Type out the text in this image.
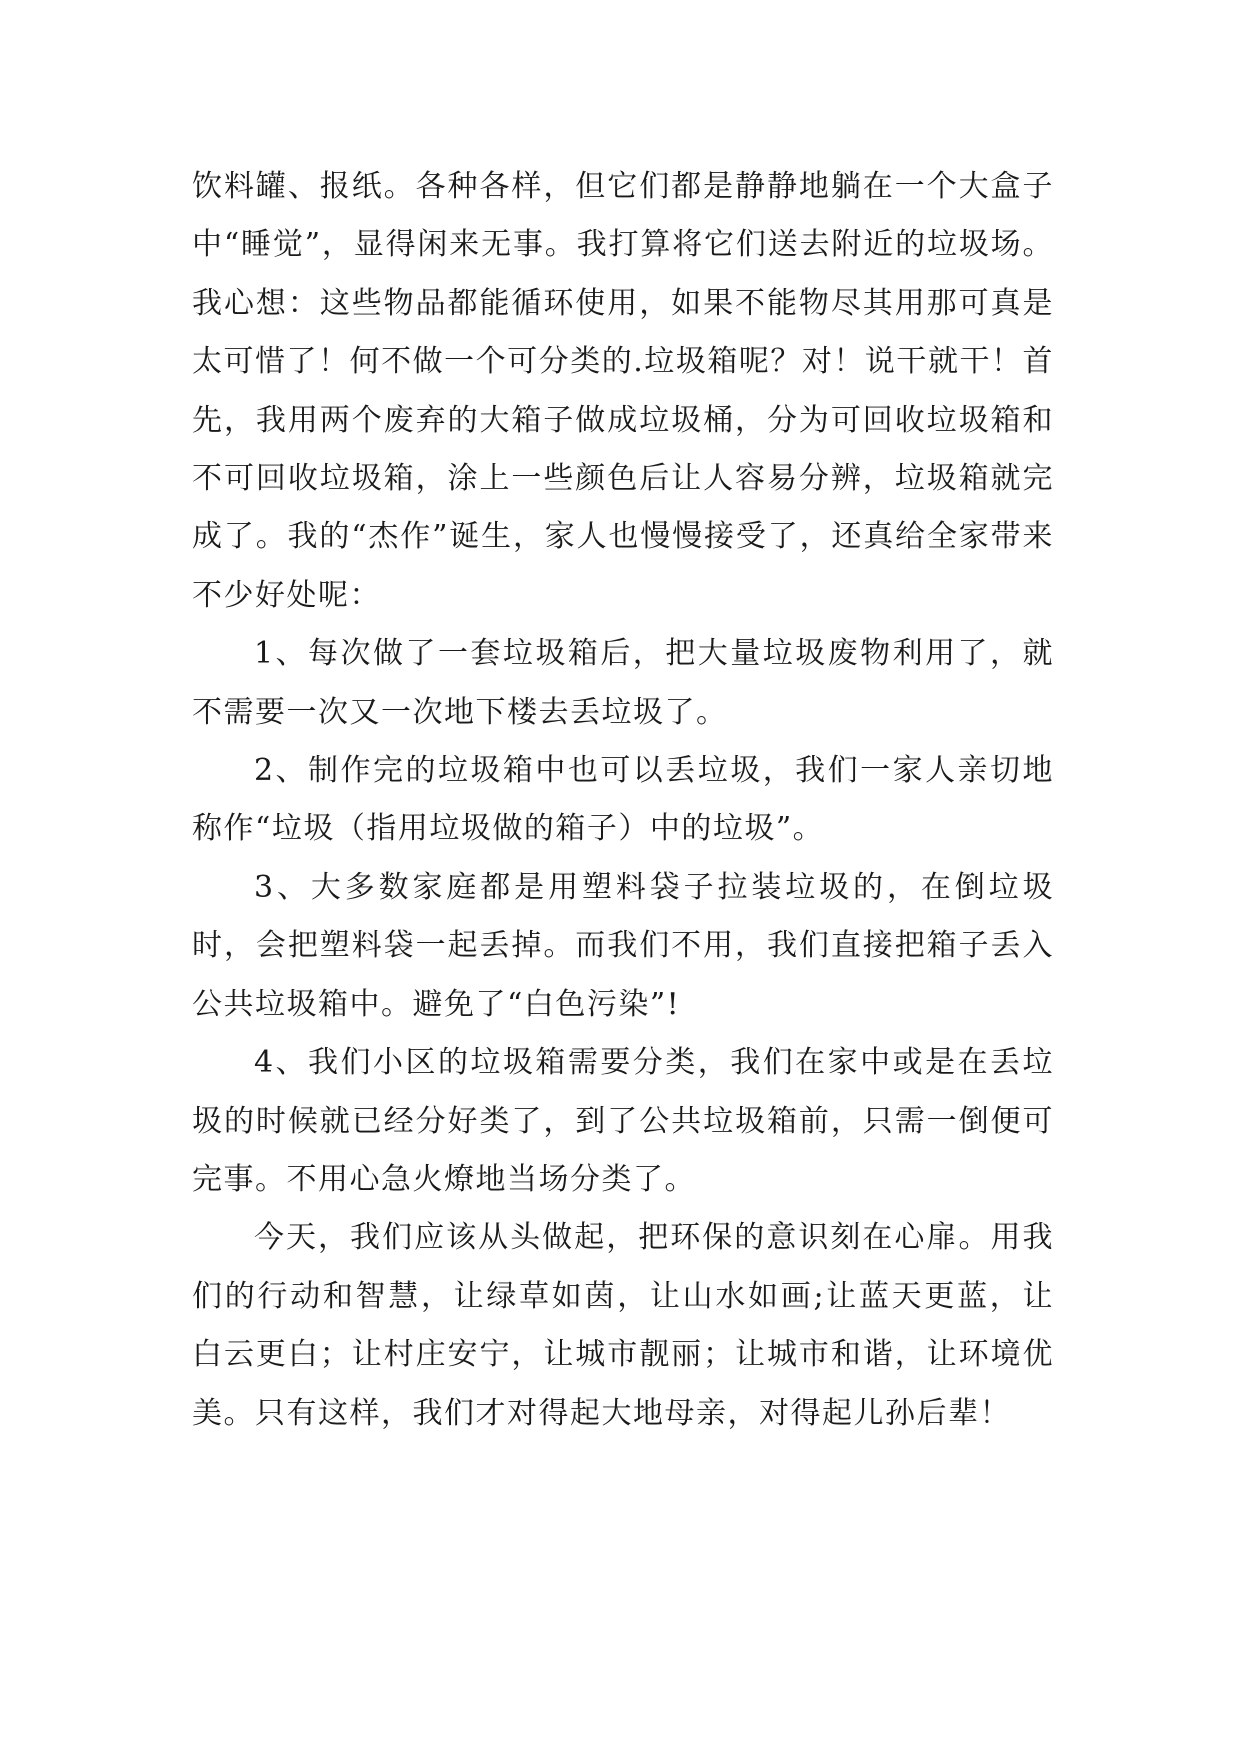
饮料罐、报纸。各种各样，但它们都是静静地躺在一个大盒子中“睡觉”，显得闲来无事。我打算将它们送去附近的垃圾场。我心想：这些物品都能循环使用，如果不能物尽其用那可真是太可惜了！何不做一个可分类的.垃圾箱呢？对！说干就干！首先，我用两个废弃的大箱子做成垃圾桶，分为可回收垃圾箱和不可回收垃圾箱，涂上一些颜色后让人容易分辨，垃圾箱就完成了。我的“杰作”诞生，家人也慢慢接受了，还真给全家带来不少好处呢：

1、每次做了一套垃圾箱后，把大量垃圾废物利用了，就不需要一次又一次地下楼去丢垃圾了。

2、制作完的垃圾箱中也可以丢垃圾，我们一家人亲切地称作“垃圾（指用垃圾做的箱子）中的垃圾”。

3、大多数家庭都是用塑料袋子拉装垃圾的，在倒垃圾时，会把塑料袋一起丢掉。而我们不用，我们直接把箱子丢入公共垃圾箱中。避免了“白色污染”!

4、我们小区的垃圾箱需要分类，我们在家中或是在丢垃圾的时候就已经分好类了，到了公共垃圾箱前，只需一倒便可完事。不用心急火燎地当场分类了。

今天，我们应该从头做起，把环保的意识刻在心扉。用我们的行动和智慧，让绿草如茵，让山水如画;让蓝天更蓝，让白云更白；让村庄安宁，让城市靓丽；让城市和谐，让环境优美。只有这样，我们才对得起大地母亲，对得起儿孙后辈！
